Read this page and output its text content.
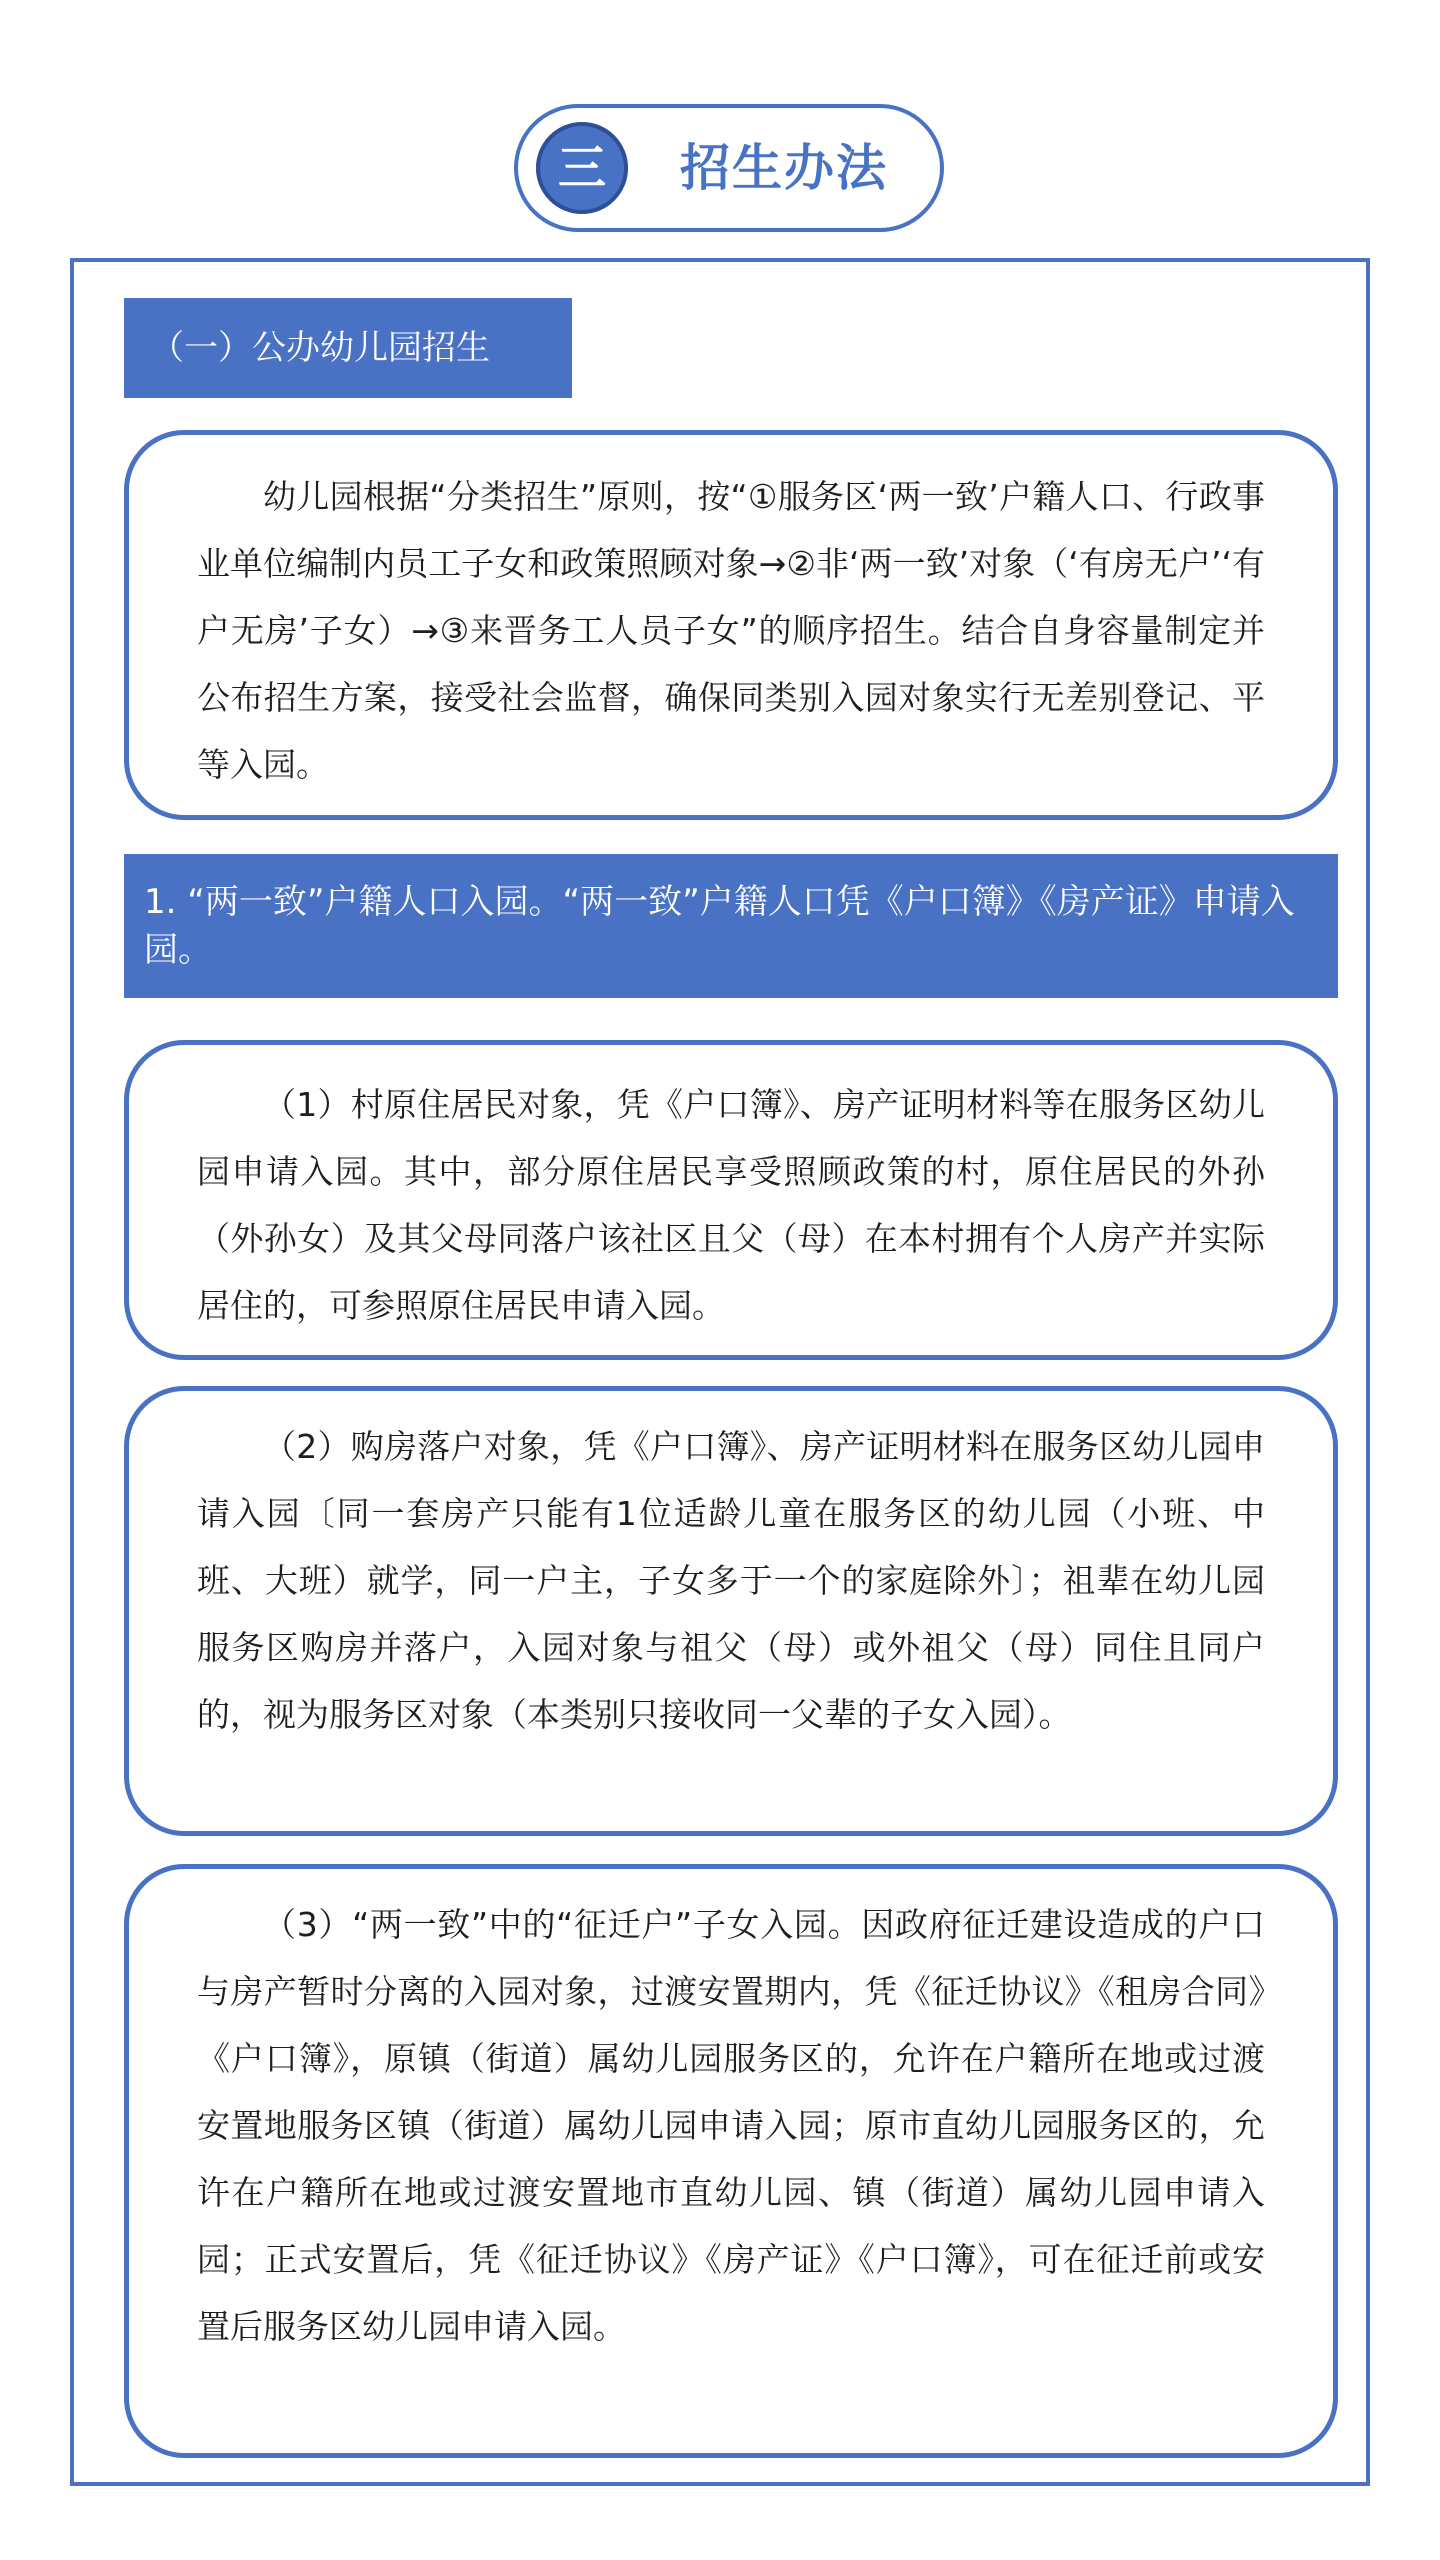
三	招生办法
（一）公办幼儿园招生
幼儿园根据“分类招生”原则，按“①服务区‘两一致’户籍人口、行政事业单位编制内员工子女和政策照顾对象→②非‘两一致’对象（‘有房无户’‘有户无房’子女）→③来晋务工人员子女”的顺序招生。结合自身容量制定并公布招生方案，接受社会监督，确保同类别入园对象实行无差别登记、平等入园。
1. “两一致”户籍人口入园。“两一致”户籍人口凭《户口簿》《房产证》申请入园。
（1）村原住居民对象，凭《户口簿》、房产证明材料等在服务区幼儿园申请入园。其中，部分原住居民享受照顾政策的村，原住居民的外孙（外孙女）及其父母同落户该社区且父（母）在本村拥有个人房产并实际居住的，可参照原住居民申请入园。
（2）购房落户对象，凭《户口簿》、房产证明材料在服务区幼儿园申请入园〔同一套房产只能有1位适龄儿童在服务区的幼儿园（小班、中班、大班）就学，同一户主，子女多于一个的家庭除外〕；祖辈在幼儿园服务区购房并落户，入园对象与祖父（母）或外祖父（母）同住且同户的，视为服务区对象（本类别只接收同一父辈的子女入园）。
（3）“两一致”中的“征迁户”子女入园。因政府征迁建设造成的户口与房产暂时分离的入园对象，过渡安置期内，凭《征迁协议》《租房合同》《户口簿》，原镇（街道）属幼儿园服务区的，允许在户籍所在地或过渡安置地服务区镇（街道）属幼儿园申请入园；原市直幼儿园服务区的，允许在户籍所在地或过渡安置地市直幼儿园、镇（街道）属幼儿园申请入园；正式安置后，凭《征迁协议》《房产证》《户口簿》，可在征迁前或安置后服务区幼儿园申请入园。
